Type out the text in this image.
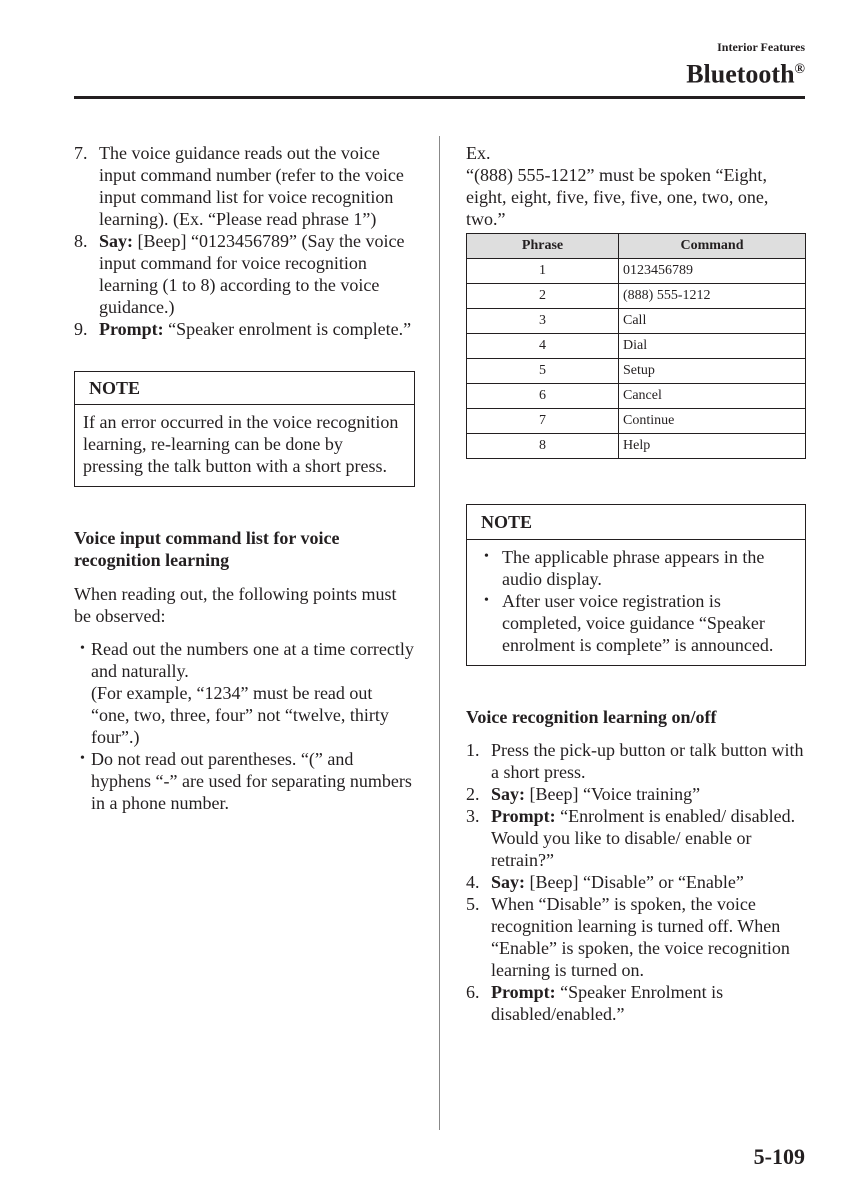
Interior Features
Bluetooth®
7. The voice guidance reads out the voice input command number (refer to the voice input command list for voice recognition learning). (Ex. “Please read phrase 1”)
8. Say: [Beep] “0123456789” (Say the voice input command for voice recognition learning (1 to 8) according to the voice guidance.)
9. Prompt: “Speaker enrolment is complete.”
NOTE
If an error occurred in the voice recognition learning, re-learning can be done by pressing the talk button with a short press.
Voice input command list for voice recognition learning
When reading out, the following points must be observed:
• Read out the numbers one at a time correctly and naturally.
(For example, “1234” must be read out “one, two, three, four” not “twelve, thirty four”.)
• Do not read out parentheses. “(” and hyphens “-” are used for separating numbers in a phone number.
Ex.
“(888) 555-1212” must be spoken “Eight, eight, eight, five, five, five, one, two, one, two.”
Phrase	Command
1	0123456789
2	(888) 555-1212
3	Call
4	Dial
5	Setup
6	Cancel
7	Continue
8	Help
NOTE
• The applicable phrase appears in the audio display.
• After user voice registration is completed, voice guidance “Speaker enrolment is complete” is announced.
Voice recognition learning on/off
1. Press the pick-up button or talk button with a short press.
2. Say: [Beep] “Voice training”
3. Prompt: “Enrolment is enabled/ disabled. Would you like to disable/ enable or retrain?”
4. Say: [Beep] “Disable” or “Enable”
5. When “Disable” is spoken, the voice recognition learning is turned off. When “Enable” is spoken, the voice recognition learning is turned on.
6. Prompt: “Speaker Enrolment is disabled/enabled.”
5-109
